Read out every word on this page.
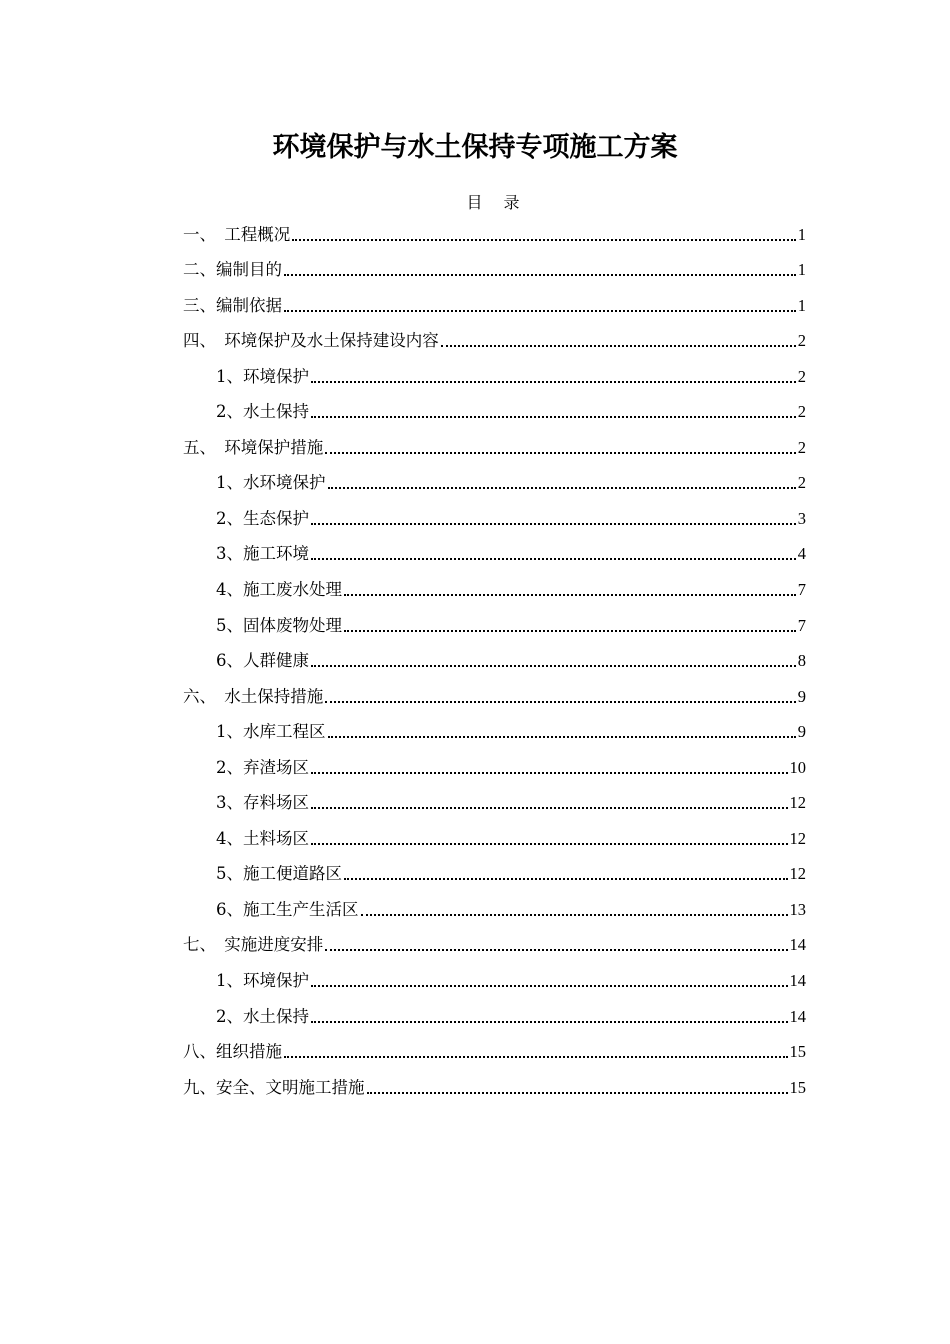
环境保护与水土保持专项施工方案
目 录
一、　工程概况	1
二、编制目的	1
三、编制依据	1
四、　环境保护及水土保持建设内容	2
1、环境保护	2
2、水土保持	2
五、　环境保护措施	2
1、水环境保护	2
2、生态保护	3
3、施工环境	4
4、施工废水处理	7
5、固体废物处理	7
6、人群健康	8
六、　水土保持措施	9
1、水库工程区	9
2、弃渣场区	10
3、存料场区	12
4、土料场区	12
5、施工便道路区	12
6、施工生产生活区	13
七、　实施进度安排	14
1、环境保护	14
2、水土保持	14
八、组织措施	15
九、安全、文明施工措施	15
